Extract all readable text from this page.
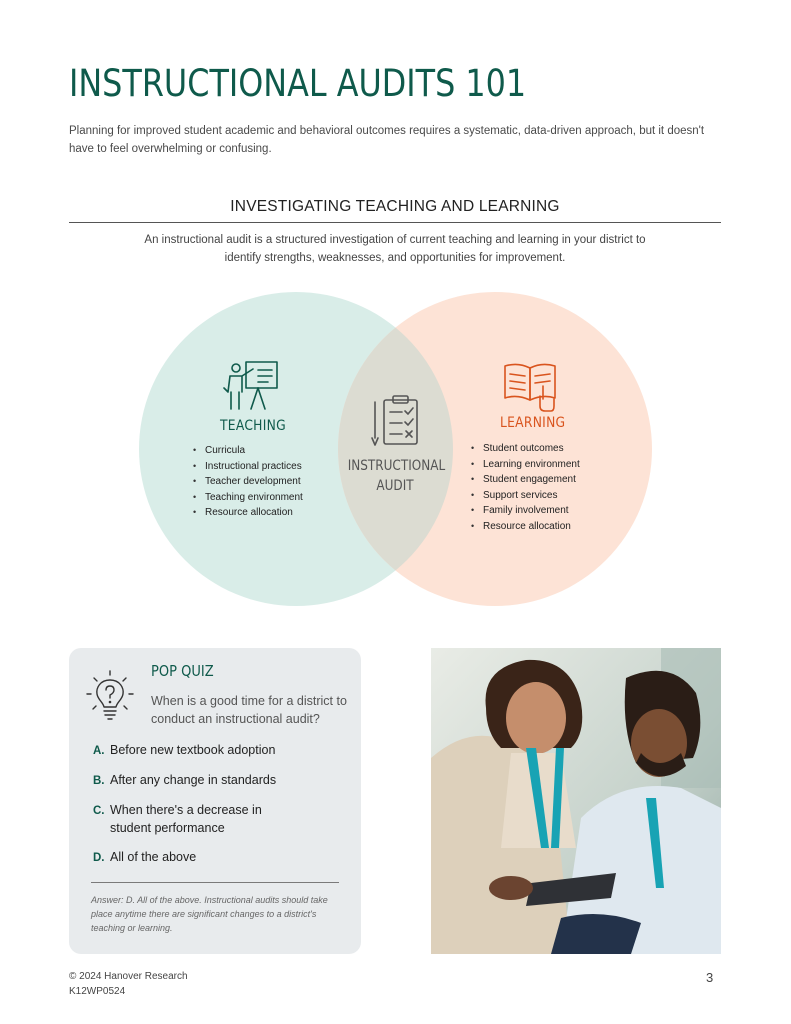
INSTRUCTIONAL AUDITS 101
Planning for improved student academic and behavioral outcomes requires a systematic, data-driven approach, but it doesn't have to feel overwhelming or confusing.
INVESTIGATING TEACHING AND LEARNING
An instructional audit is a structured investigation of current teaching and learning in your district to identify strengths, weaknesses, and opportunities for improvement.
TEACHING
• Curricula
• Instructional practices
• Teacher development
• Teaching environment
• Resource allocation
INSTRUCTIONAL
AUDIT
LEARNING
• Student outcomes
• Learning environment
• Student engagement
• Support services
• Family involvement
• Resource allocation
POP QUIZ
When is a good time for a district to conduct an instructional audit?
A. Before new textbook adoption
B. After any change in standards
C. When there's a decrease in student performance
D. All of the above
Answer: D. All of the above. Instructional audits should take place anytime there are significant changes to a district's teaching or learning.
© 2024 Hanover Research
K12WP0524
3
